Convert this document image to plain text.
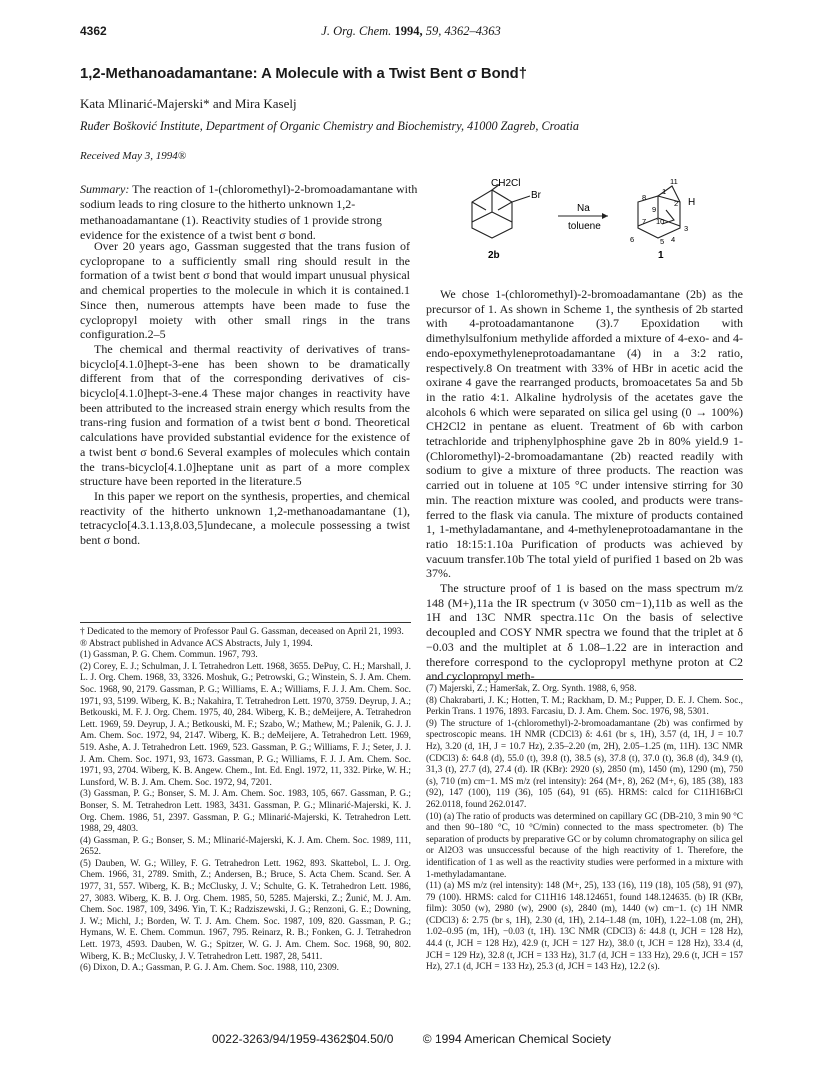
4362	J. Org. Chem. 1994, 59, 4362–4363
1,2-Methanoadamantane: A Molecule with a Twist Bent σ Bond†
Kata Mlinarić-Majerski* and Mira Kaselj
Ruđer Bošković Institute, Department of Organic Chemistry and Biochemistry, 41000 Zagreb, Croatia
Received May 3, 1994®

Summary: The reaction of 1-(chloromethyl)-2-bromoadamantane with sodium leads to ring closure to the hitherto unknown 1,2-methanoadamantane (1). Reactivity studies of 1 provide strong evidence for the existence of a twist bent σ bond.

CH2Cl
Br
2b
Na
toluene
11
1
2
8
9
10
7
3
6	5 4
H
1

Over 20 years ago, Gassman suggested that the trans fusion of cyclopropane to a sufficiently small ring should result in the formation of a twist bent σ bond that would impart unusual physical and chemical properties to the molecule in which it is contained.1 Since then, numerous attempts have been made to fuse the cyclopropyl moiety with other small rings in the trans configuration.2–5

The chemical and thermal reactivity of derivatives of trans-bicyclo[4.1.0]hept-3-ene has been shown to be dramatically different from that of the corresponding derivatives of cis-bicyclo[4.1.0]hept-3-ene.4 These major changes in reactivity have been attributed to the increased strain energy which results from the trans-ring fusion and formation of a twist bent σ bond. Theoretical calculations have provided substantial evidence for the existence of a twist bent σ bond.6 Several examples of molecules which contain the trans-bicyclo[4.1.0]heptane unit as part of a more complex structure have been reported in the literature.5

In this paper we report on the synthesis, properties, and chemical reactivity of the hitherto unknown 1,2-methanoadamantane (1), tetracyclo[4.3.1.13,8.03,5]undecane, a molecule possessing a twist bent σ bond.

We chose 1-(chloromethyl)-2-bromoadamantane (2b) as the precursor of 1. As shown in Scheme 1, the synthesis of 2b started with 4-protoadamantanone (3).7 Epoxidation with dimethylsulfonium methylide afforded a mixture of 4-exo- and 4-endo-epoxymethyleneprotoadamantane (4) in a 3:2 ratio, respectively.8 On treatment with 33% of HBr in acetic acid the oxirane 4 gave the rearranged products, bromoacetates 5a and 5b in the ratio 4:1. Alkaline hydrolysis of the acetates gave the alcohols 6 which were separated on silica gel using (0 → 100%) CH2Cl2 in pentane as eluent. Treatment of 6b with carbon tetrachloride and triphenylphosphine gave 2b in 80% yield.9 1-(Chloromethyl)-2-bromoadamantane (2b) reacted readily with sodium to give a mixture of three products. The reaction was carried out in toluene at 105 °C under intensive stirring for 30 min. The reaction mixture was cooled, and products were transferred to the flask via canula. The mixture of products contained 1, 1-methyladamantane, and 4-methyleneprotoadamantane in the ratio 18:15:1.10a Purification of products was achieved by vacuum transfer.10b The total yield of purified 1 based on 2b was 37%.

The structure proof of 1 is based on the mass spectrum m/z 148 (M+),11a the IR spectrum (ν 3050 cm−1),11b as well as the 1H and 13C NMR spectra.11c On the basis of selective decoupled and COSY NMR spectra we found that the triplet at δ −0.03 and the multiplet at δ 1.08–1.22 are in interaction and therefore correspond to the cyclopropyl methyne proton at C2 and cyclopropyl meth-

† Dedicated to the memory of Professor Paul G. Gassman, deceased on April 21, 1993.

® Abstract published in Advance ACS Abstracts, July 1, 1994.

(1) Gassman, P. G. Chem. Commun. 1967, 793.

(2) Corey, E. J.; Schulman, J. I. Tetrahedron Lett. 1968, 3655. DePuy, C. H.; Marshall, J. L. J. Org. Chem. 1968, 33, 3326. Moshuk, G.; Petrowski, G.; Winstein, S. J. Am. Chem. Soc. 1968, 90, 2179. Gassman, P. G.; Williams, E. A.; Williams, F. J. J. Am. Chem. Soc. 1971, 93, 5199. Wiberg, K. B.; Nakahira, T. Tetrahedron Lett. 1970, 3759. Deyrup, J. A.; Betkouski, M. F. J. Org. Chem. 1975, 40, 284. Wiberg, K. B.; deMeijere, A. Tetrahedron Lett. 1969, 59. Deyrup, J. A.; Betkouski, M. F.; Szabo, W.; Mathew, M.; Palenik, G. J. J. Am. Chem. Soc. 1972, 94, 2147. Wiberg, K. B.; deMeijere, A. Tetrahedron Lett. 1969, 519. Ashe, A. J. Tetrahedron Lett. 1969, 523. Gassman, P. G.; Williams, F. J.; Seter, J. J. J. Am. Chem. Soc. 1971, 93, 1673. Gassman, P. G.; Williams, F. J. J. Am. Chem. Soc. 1971, 93, 2704. Wiberg, K. B. Angew. Chem., Int. Ed. Engl. 1972, 11, 332. Pirke, W. H.; Lunsford, W. B. J. Am. Chem. Soc. 1972, 94, 7201.

(3) Gassman, P. G.; Bonser, S. M. J. Am. Chem. Soc. 1983, 105, 667. Gassman, P. G.; Bonser, S. M. Tetrahedron Lett. 1983, 3431. Gassman, P. G.; Mlinarić-Majerski, K. J. Org. Chem. 1986, 51, 2397. Gassman, P. G.; Mlinarić-Majerski, K. Tetrahedron Lett. 1988, 29, 4803.

(4) Gassman, P. G.; Bonser, S. M.; Mlinarić-Majerski, K. J. Am. Chem. Soc. 1989, 111, 2652.

(5) Dauben, W. G.; Willey, F. G. Tetrahedron Lett. 1962, 893. Skattebol, L. J. Org. Chem. 1966, 31, 2789. Smith, Z.; Andersen, B.; Bruce, S. Acta Chem. Scand. Ser. A 1977, 31, 557. Wiberg, K. B.; McClusky, J. V.; Schulte, G. K. Tetrahedron Lett. 1986, 27, 3083. Wiberg, K. B. J. Org. Chem. 1985, 50, 5285. Majerski, Z.; Žunić, M. J. Am. Chem. Soc. 1987, 109, 3496. Yin, T. K.; Radziszewski, J. G.; Renzoni, G. E.; Downing, J. W.; Michl, J.; Borden, W. T. J. Am. Chem. Soc. 1987, 109, 820. Gassman, P. G.; Hymans, W. E. Chem. Commun. 1967, 795. Reinarz, R. B.; Fonken, G. J. Tetrahedron Lett. 1973, 4593. Dauben, W. G.; Spitzer, W. G. J. Am. Chem. Soc. 1968, 90, 802. Wiberg, K. B.; McClusky, J. V. Tetrahedron Lett. 1987, 28, 5411.

(6) Dixon, D. A.; Gassman, P. G. J. Am. Chem. Soc. 1988, 110, 2309.

(7) Majerski, Z.; Hameršak, Z. Org. Synth. 1988, 6, 958.

(8) Chakrabarti, J. K.; Hotten, T. M.; Rackham, D. M.; Pupper, D. E. J. Chem. Soc., Perkin Trans. 1 1976, 1893. Farcasiu, D. J. Am. Chem. Soc. 1976, 98, 5301.

(9) The structure of 1-(chloromethyl)-2-bromoadamantane (2b) was confirmed by spectroscopic means. 1H NMR (CDCl3) δ: 4.61 (br s, 1H), 3.57 (d, 1H, J = 10.7 Hz), 3.20 (d, 1H, J = 10.7 Hz), 2.35–2.20 (m, 2H), 2.05–1.25 (m, 11H). 13C NMR (CDCl3) δ: 64.8 (d), 55.0 (t), 39.8 (t), 38.5 (s), 37.8 (t), 37.0 (t), 36.8 (d), 34.9 (t), 31,3 (t), 27.7 (d), 27.4 (d). IR (KBr): 2920 (s), 2850 (m), 1450 (m), 1290 (m), 750 (s), 710 (m) cm−1. MS m/z (rel intensity): 264 (M+, 8), 262 (M+, 6), 185 (38), 183 (92), 147 (100), 119 (36), 105 (64), 91 (65). HRMS: calcd for C11H16BrCl 262.0118, found 262.0147.

(10) (a) The ratio of products was determined on capillary GC (DB-210, 3 min 90 °C and then 90–180 °C, 10 °C/min) connected to the mass spectrometer. (b) The separation of products by preparative GC or by column chromatography on silica gel or Al2O3 was unsuccessful because of the high reactivity of 1. Therefore, the identification of 1 as well as the reactivity studies were performed in a mixture with 1-methyladamantane.

(11) (a) MS m/z (rel intensity): 148 (M+, 25), 133 (16), 119 (18), 105 (58), 91 (97), 79 (100). HRMS: calcd for C11H16 148.124651, found 148.124635. (b) IR (KBr, film): 3050 (w), 2980 (w), 2900 (s), 2840 (m), 1440 (w) cm−1. (c) 1H NMR (CDCl3) δ: 2.75 (br s, 1H), 2.30 (d, 1H), 2.14–1.48 (m, 10H), 1.22–1.08 (m, 2H), 1.02–0.95 (m, 1H), −0.03 (t, 1H). 13C NMR (CDCl3) δ: 44.8 (t, JCH = 128 Hz), 44.4 (t, JCH = 128 Hz), 42.9 (t, JCH = 127 Hz), 38.0 (t, JCH = 128 Hz), 33.4 (d, JCH = 129 Hz), 32.8 (t, JCH = 133 Hz), 31.7 (d, JCH = 133 Hz), 29.6 (t, JCH = 157 Hz), 27.1 (d, JCH = 133 Hz), 25.3 (d, JCH = 143 Hz), 12.2 (s).

0022-3263/94/1959-4362$04.50/0 © 1994 American Chemical Society
